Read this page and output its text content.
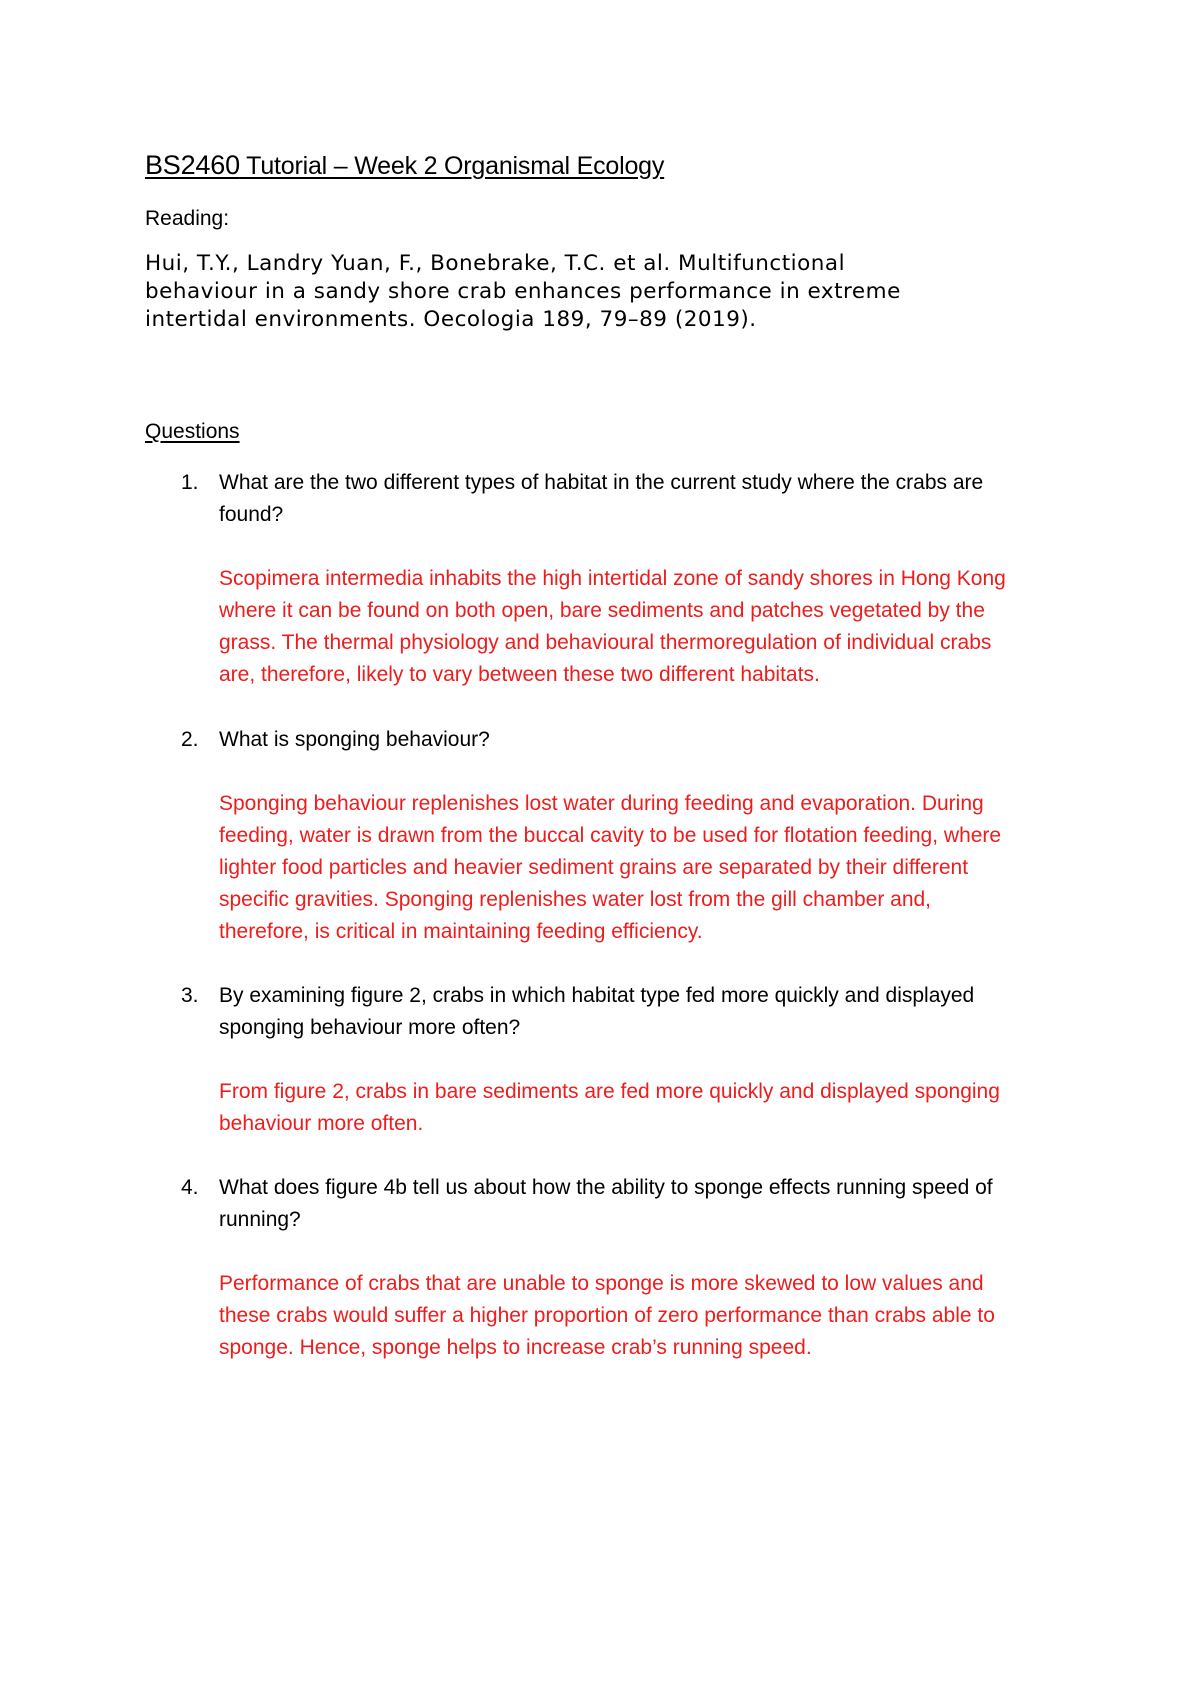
BS2460 Tutorial – Week 2 Organismal Ecology
Reading:

Hui, T.Y., Landry Yuan, F., Bonebrake, T.C. et al. Multifunctional
behaviour in a sandy shore crab enhances performance in extreme
intertidal environments. Oecologia 189, 79–89 (2019).

Questions
1. What are the two different types of habitat in the current study where the crabs are
found?
Scopimera intermedia inhabits the high intertidal zone of sandy shores in Hong Kong
where it can be found on both open, bare sediments and patches vegetated by the
grass. The thermal physiology and behavioural thermoregulation of individual crabs
are, therefore, likely to vary between these two different habitats.
2. What is sponging behaviour?
Sponging behaviour replenishes lost water during feeding and evaporation. During
feeding, water is drawn from the buccal cavity to be used for flotation feeding, where
lighter food particles and heavier sediment grains are separated by their different
specific gravities. Sponging replenishes water lost from the gill chamber and,
therefore, is critical in maintaining feeding efficiency.
3. By examining figure 2, crabs in which habitat type fed more quickly and displayed
sponging behaviour more often?
From figure 2, crabs in bare sediments are fed more quickly and displayed sponging
behaviour more often.
4. What does figure 4b tell us about how the ability to sponge effects running speed of
running?
Performance of crabs that are unable to sponge is more skewed to low values and
these crabs would suffer a higher proportion of zero performance than crabs able to
sponge. Hence, sponge helps to increase crab’s running speed.
